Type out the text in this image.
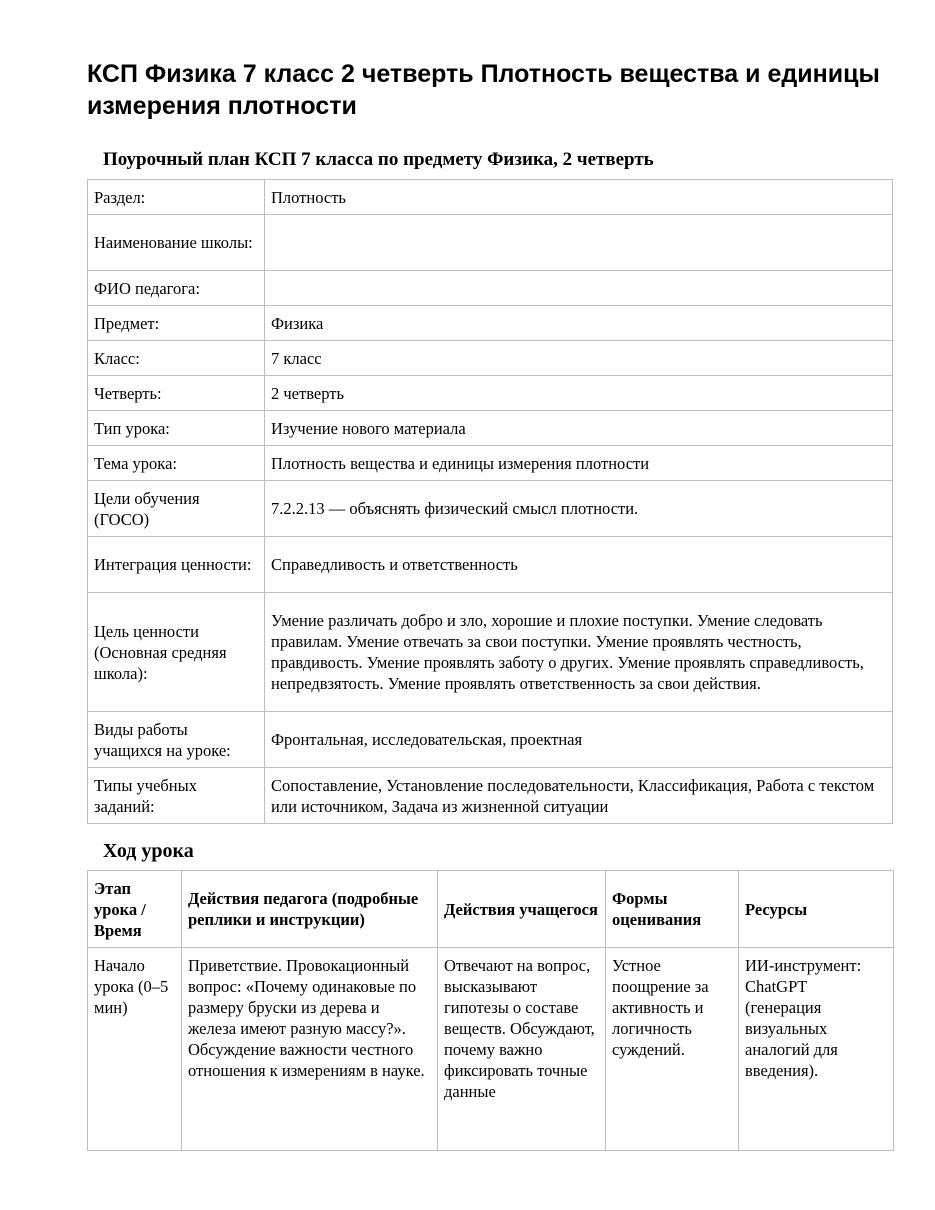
КСП Физика 7 класс 2 четверть Плотность вещества и единицы измерения плотности
Поурочный план КСП 7 класса по предмету Физика, 2 четверть
Раздел:	Плотность
Наименование школы:	
ФИО педагога:	
Предмет:	Физика
Класс:	7 класс
Четверть:	2 четверть
Тип урока:	Изучение нового материала
Тема урока:	Плотность вещества и единицы измерения плотности
Цели обучения (ГОСО)	7.2.2.13 — объяснять физический смысл плотности.
Интеграция ценности:	Справедливость и ответственность
Цель ценности (Основная средняя школа):	Умение различать добро и зло, хорошие и плохие поступки. Умение следовать правилам. Умение отвечать за свои поступки. Умение проявлять честность, правдивость. Умение проявлять заботу о других. Умение проявлять справедливость, непредвзятость. Умение проявлять ответственность за свои действия.
Виды работы учащихся на уроке:	Фронтальная, исследовательская, проектная
Типы учебных заданий:	Сопоставление, Установление последовательности, Классификация, Работа с текстом или источником, Задача из жизненной ситуации
Ход урока
Этап урока / Время	Действия педагога (подробные реплики и инструкции)	Действия учащегося	Формы оценивания	Ресурсы
Начало урока (0–5 мин)	Приветствие. Провокационный вопрос: «Почему одинаковые по размеру бруски из дерева и железа имеют разную массу?». Обсуждение важности честного отношения к измерениям в науке.	Отвечают на вопрос, высказывают гипотезы о составе веществ. Обсуждают, почему важно фиксировать точные данные	Устное поощрение за активность и логичность суждений.	ИИ-инструмент: ChatGPT (генерация визуальных аналогий для введения).
